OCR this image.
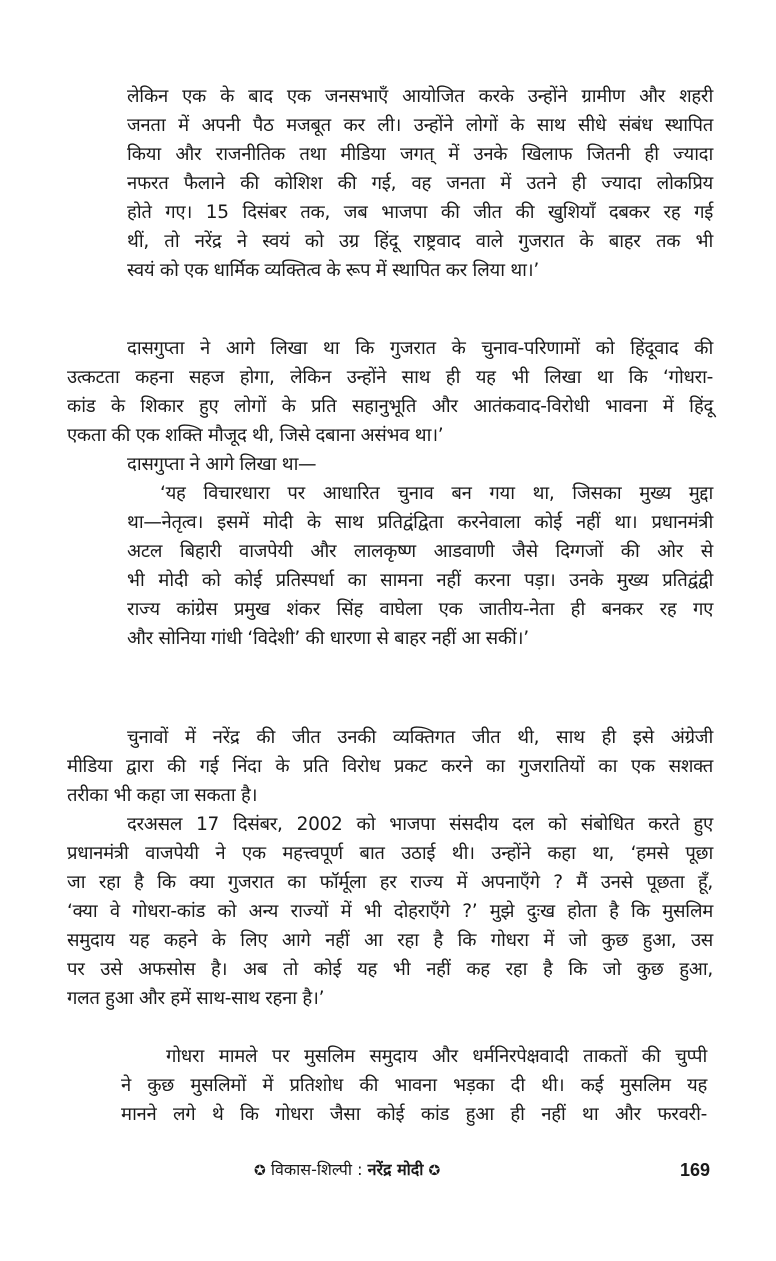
लेकिन एक के बाद एक जनसभाएँ आयोजित करके उन्होंने ग्रामीण और शहरी
जनता में अपनी पैठ मजबूत कर ली। उन्होंने लोगों के साथ सीधे संबंध स्थापित
किया और राजनीतिक तथा मीडिया जगत् में उनके खिलाफ जितनी ही ज्यादा
नफरत फैलाने की कोशिश की गई, वह जनता में उतने ही ज्यादा लोकप्रिय
होते गए। 15 दिसंबर तक, जब भाजपा की जीत की खुशियाँ दबकर रह गई
थीं, तो नरेंद्र ने स्वयं को उग्र हिंदू राष्ट्रवाद वाले गुजरात के बाहर तक भी
स्वयं को एक धार्मिक व्यक्तित्व के रूप में स्थापित कर लिया था।’
दासगुप्ता ने आगे लिखा था कि गुजरात के चुनाव-परिणामों को हिंदूवाद की
उत्कटता कहना सहज होगा, लेकिन उन्होंने साथ ही यह भी लिखा था कि ‘गोधरा-
कांड के शिकार हुए लोगों के प्रति सहानुभूति और आतंकवाद-विरोधी भावना में हिंदू
एकता की एक शक्ति मौजूद थी, जिसे दबाना असंभव था।’
दासगुप्ता ने आगे लिखा था—
‘यह विचारधारा पर आधारित चुनाव बन गया था, जिसका मुख्य मुद्दा
था—नेतृत्व। इसमें मोदी के साथ प्रतिद्वंद्विता करनेवाला कोई नहीं था। प्रधानमंत्री
अटल बिहारी वाजपेयी और लालकृष्ण आडवाणी जैसे दिग्गजों की ओर से
भी मोदी को कोई प्रतिस्पर्धा का सामना नहीं करना पड़ा। उनके मुख्य प्रतिद्वंद्वी
राज्य कांग्रेस प्रमुख शंकर सिंह वाघेला एक जातीय-नेता ही बनकर रह गए
और सोनिया गांधी ‘विदेशी’ की धारणा से बाहर नहीं आ सकीं।’
चुनावों में नरेंद्र की जीत उनकी व्यक्तिगत जीत थी, साथ ही इसे अंग्रेजी
मीडिया द्वारा की गई निंदा के प्रति विरोध प्रकट करने का गुजरातियों का एक सशक्त
तरीका भी कहा जा सकता है।
दरअसल 17 दिसंबर, 2002 को भाजपा संसदीय दल को संबोधित करते हुए
प्रधानमंत्री वाजपेयी ने एक महत्त्वपूर्ण बात उठाई थी। उन्होंने कहा था, ‘हमसे पूछा
जा रहा है कि क्या गुजरात का फॉर्मूला हर राज्य में अपनाएँगे ? मैं उनसे पूछता हूँ,
‘क्या वे गोधरा-कांड को अन्य राज्यों में भी दोहराएँगे ?’ मुझे दुःख होता है कि मुसलिम
समुदाय यह कहने के लिए आगे नहीं आ रहा है कि गोधरा में जो कुछ हुआ, उस
पर उसे अफसोस है। अब तो कोई यह भी नहीं कह रहा है कि जो कुछ हुआ,
गलत हुआ और हमें साथ-साथ रहना है।’
गोधरा मामले पर मुसलिम समुदाय और धर्मनिरपेक्षवादी ताकतों की चुप्पी
ने कुछ मुसलिमों में प्रतिशोध की भावना भड़का दी थी। कई मुसलिम यह
मानने लगे थे कि गोधरा जैसा कोई कांड हुआ ही नहीं था और फरवरी-
✪ विकास-शिल्पी : नरेंद्र मोदी ✪	169
